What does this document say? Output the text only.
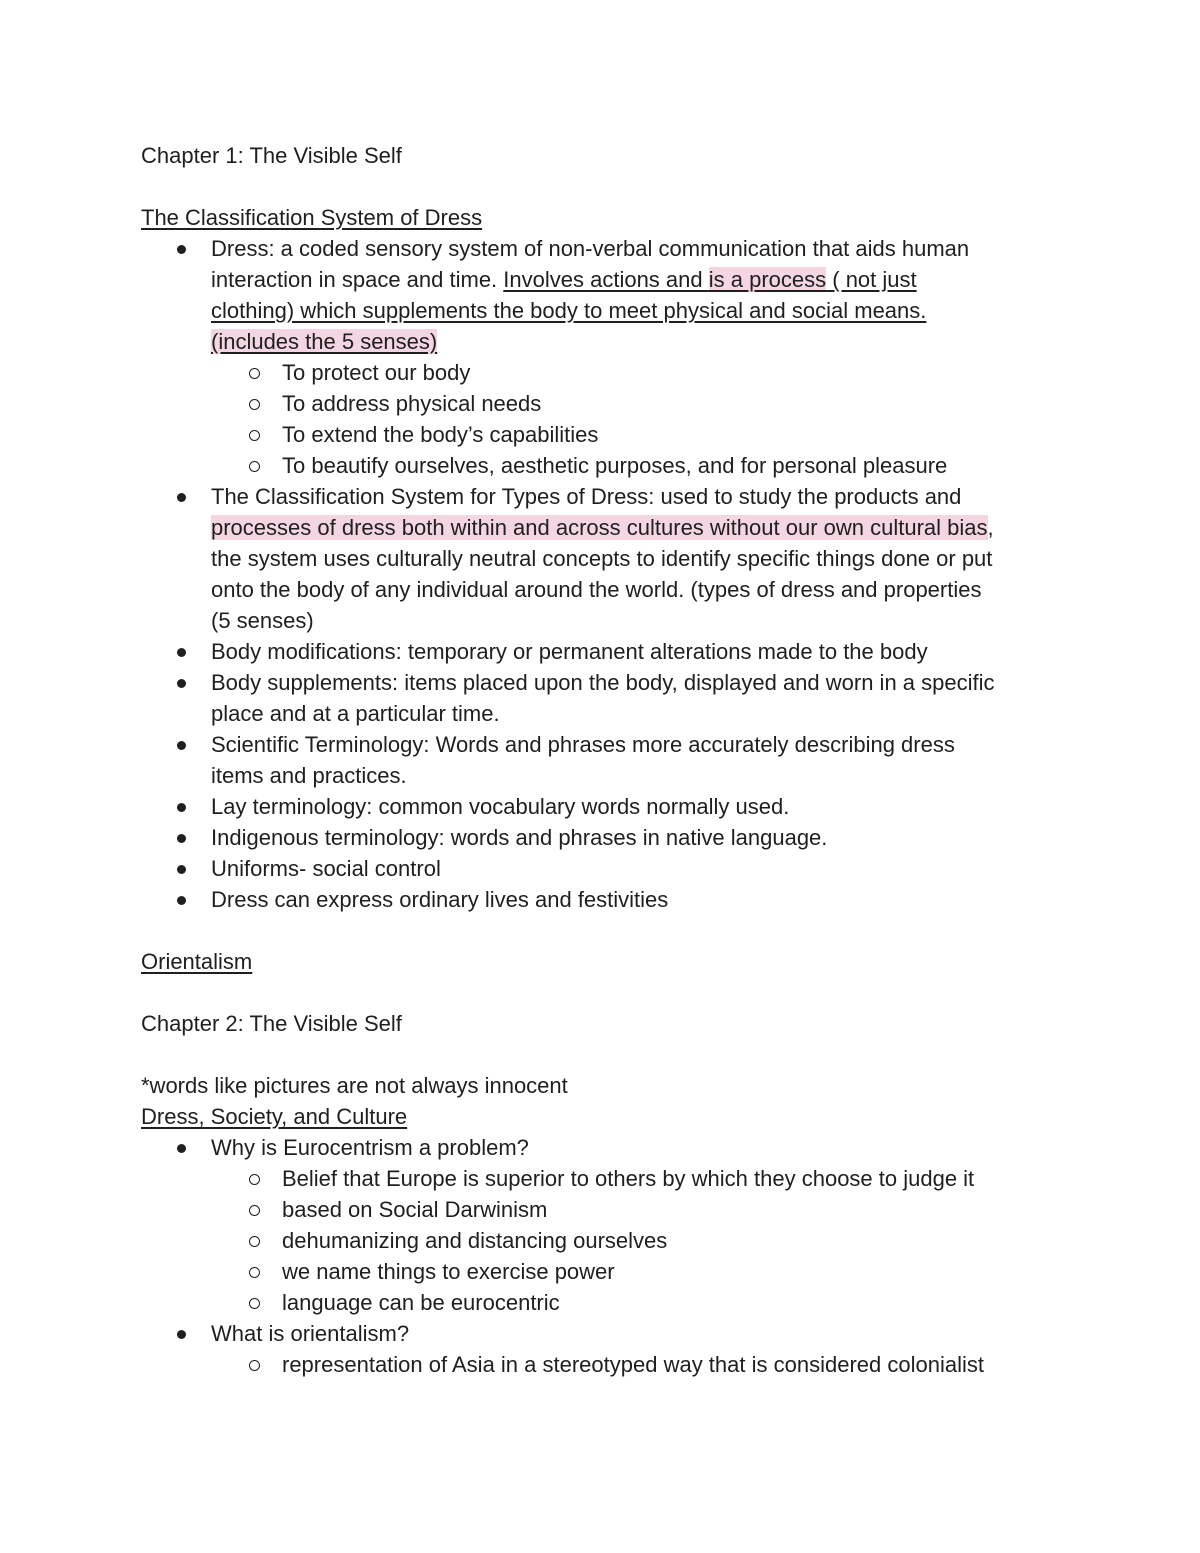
Chapter 1: The Visible Self
The Classification System of Dress
Dress: a coded sensory system of non-verbal communication that aids human
interaction in space and time. Involves actions and is a process ( not just
clothing) which supplements the body to meet physical and social means.
(includes the 5 senses)
To protect our body
To address physical needs
To extend the body’s capabilities
To beautify ourselves, aesthetic purposes, and for personal pleasure
The Classification System for Types of Dress: used to study the products and
processes of dress both within and across cultures without our own cultural bias,
the system uses culturally neutral concepts to identify specific things done or put
onto the body of any individual around the world. (types of dress and properties
(5 senses)
Body modifications: temporary or permanent alterations made to the body
Body supplements: items placed upon the body, displayed and worn in a specific
place and at a particular time.
Scientific Terminology: Words and phrases more accurately describing dress
items and practices.
Lay terminology: common vocabulary words normally used.
Indigenous terminology: words and phrases in native language.
Uniforms- social control
Dress can express ordinary lives and festivities
Orientalism
Chapter 2: The Visible Self
*words like pictures are not always innocent
Dress, Society, and Culture
Why is Eurocentrism a problem?
Belief that Europe is superior to others by which they choose to judge it
based on Social Darwinism
dehumanizing and distancing ourselves
we name things to exercise power
language can be eurocentric
What is orientalism?
representation of Asia in a stereotyped way that is considered colonialist
